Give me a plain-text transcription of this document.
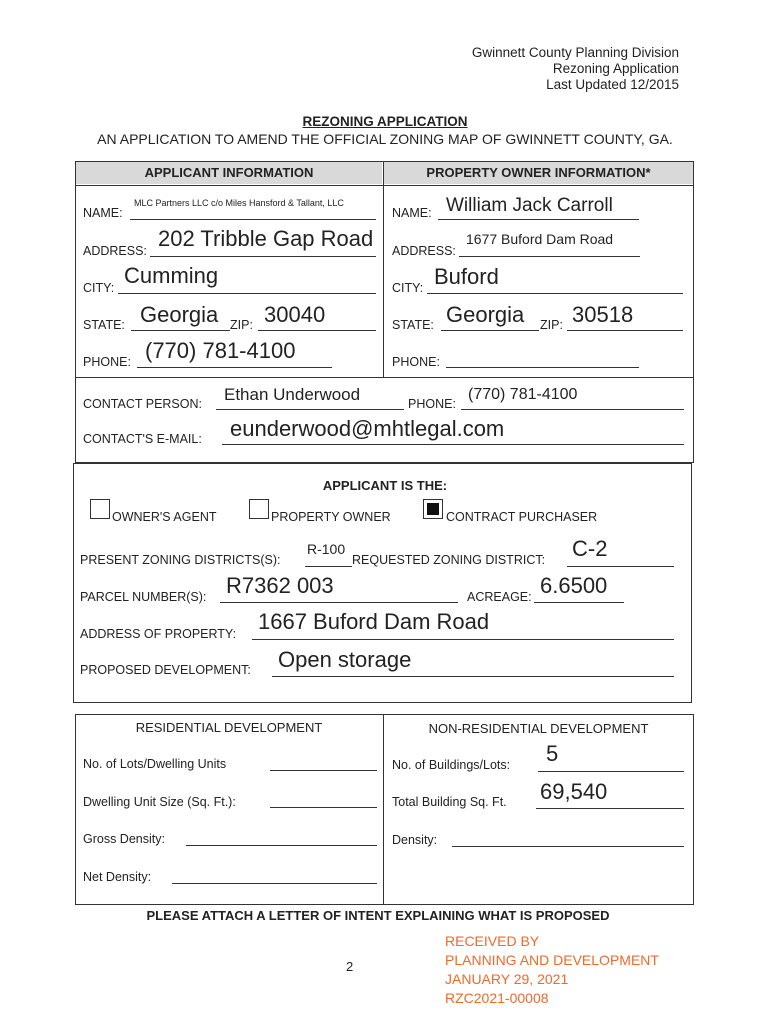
Gwinnett County Planning Division
Rezoning Application
Last Updated 12/2015
REZONING APPLICATION
AN APPLICATION TO AMEND THE OFFICIAL ZONING MAP OF GWINNETT COUNTY, GA.
APPLICANT INFORMATION	PROPERTY OWNER INFORMATION*
NAME:
MLC Partners LLC c/o Miles Hansford & Tallant, LLC
ADDRESS: 202 Tribble Gap Road
CITY: Cumming
STATE: Georgia ZIP: 30040
PHONE: (770) 781-4100
NAME: William Jack Carroll
ADDRESS:
1677 Buford Dam Road
CITY: Buford
STATE: Georgia ZIP: 30518
PHONE:
CONTACT PERSON: Ethan Underwood	PHONE:
(770) 781-4100
CONTACT'S E-MAIL: eunderwood@mhtlegal.com
APPLICANT IS THE:
OWNER'S AGENT	PROPERTY OWNER	CONTRACT PURCHASER
PRESENT ZONING DISTRICTS(S):
R-100
REQUESTED ZONING DISTRICT: C-2
PARCEL NUMBER(S): R7362 003	ACREAGE: 6.6500
ADDRESS OF PROPERTY: 1667 Buford Dam Road
PROPOSED DEVELOPMENT: Open storage
RESIDENTIAL DEVELOPMENT	NON-RESIDENTIAL DEVELOPMENT
No. of Lots/Dwelling Units
Dwelling Unit Size (Sq. Ft.):
Gross Density:
Net Density:
No. of Buildings/Lots: 5
Total Building Sq. Ft. 69,540
Density:
PLEASE ATTACH A LETTER OF INTENT EXPLAINING WHAT IS PROPOSED
2
RECEIVED BY
PLANNING AND DEVELOPMENT
JANUARY 29, 2021
RZC2021-00008
